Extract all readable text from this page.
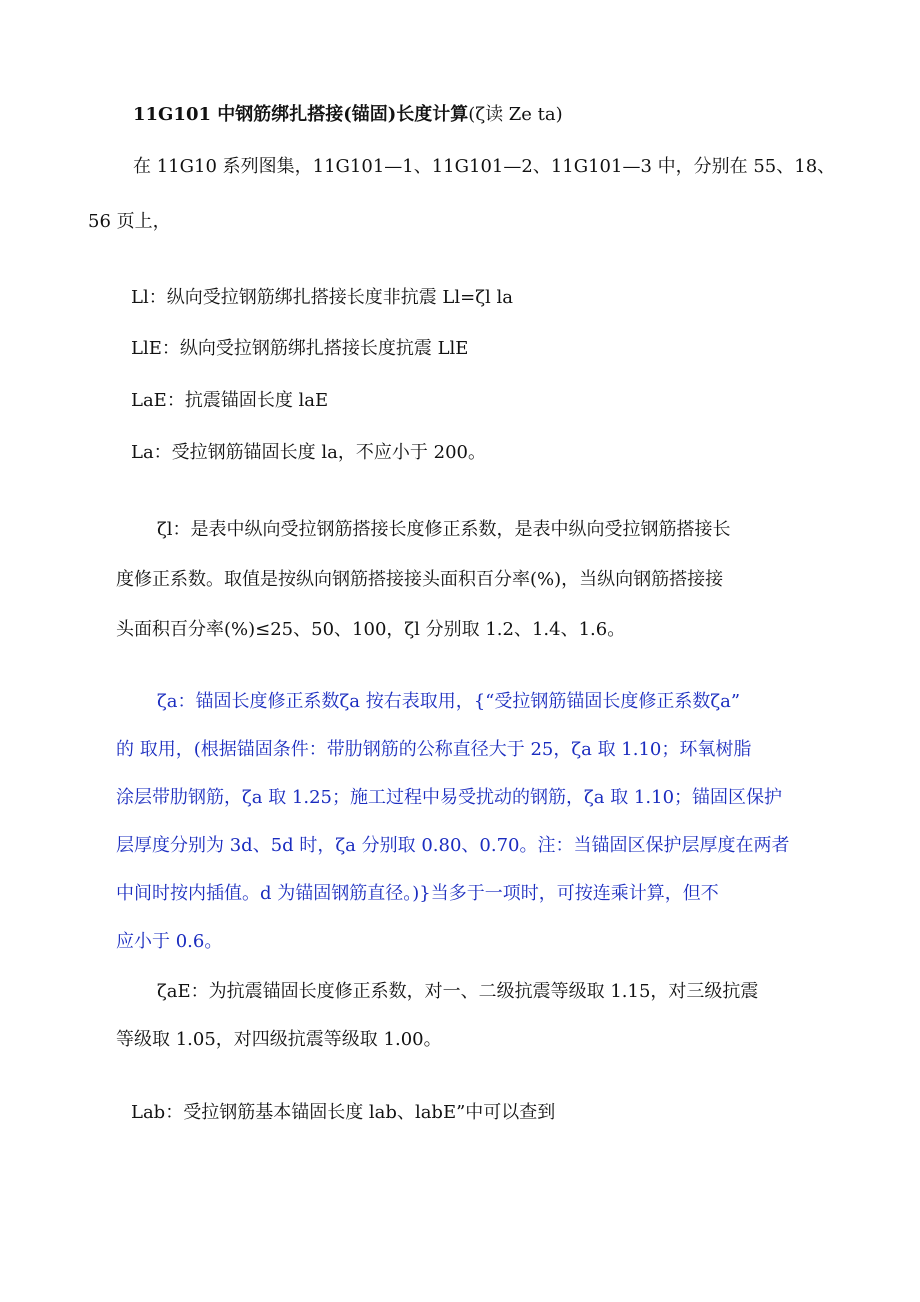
11G101 中钢筋绑扎搭接(锚固)长度计算(ζ读 Ze ta)
在 11G10 系列图集，11G101—1、11G101—2、11G101—3 中，分别在 55、18、
56 页上，
Ll：纵向受拉钢筋绑扎搭接长度非抗震 Ll=ζl la
LlE：纵向受拉钢筋绑扎搭接长度抗震 LlE
LaE：抗震锚固长度 laE
La：受拉钢筋锚固长度 la，不应小于 200。
ζl：是表中纵向受拉钢筋搭接长度修正系数，是表中纵向受拉钢筋搭接长
度修正系数。取值是按纵向钢筋搭接接头面积百分率(%)，当纵向钢筋搭接接
头面积百分率(%)≤25、50、100，ζl 分别取 1.2、1.4、1.6。
ζa：锚固长度修正系数ζa 按右表取用，{“受拉钢筋锚固长度修正系数ζa”
的 取用，(根据锚固条件：带肋钢筋的公称直径大于 25，ζa 取 1.10；环氧树脂
涂层带肋钢筋，ζa 取 1.25；施工过程中易受扰动的钢筋，ζa 取 1.10；锚固区保护
层厚度分别为 3d、5d 时，ζa 分别取 0.80、0.70。注：当锚固区保护层厚度在两者
中间时按内插值。d 为锚固钢筋直径。)}当多于一项时，可按连乘计算，但不
应小于 0.6。
ζaE：为抗震锚固长度修正系数，对一、二级抗震等级取 1.15，对三级抗震
等级取 1.05，对四级抗震等级取 1.00。
Lab：受拉钢筋基本锚固长度 lab、labE”中可以查到
